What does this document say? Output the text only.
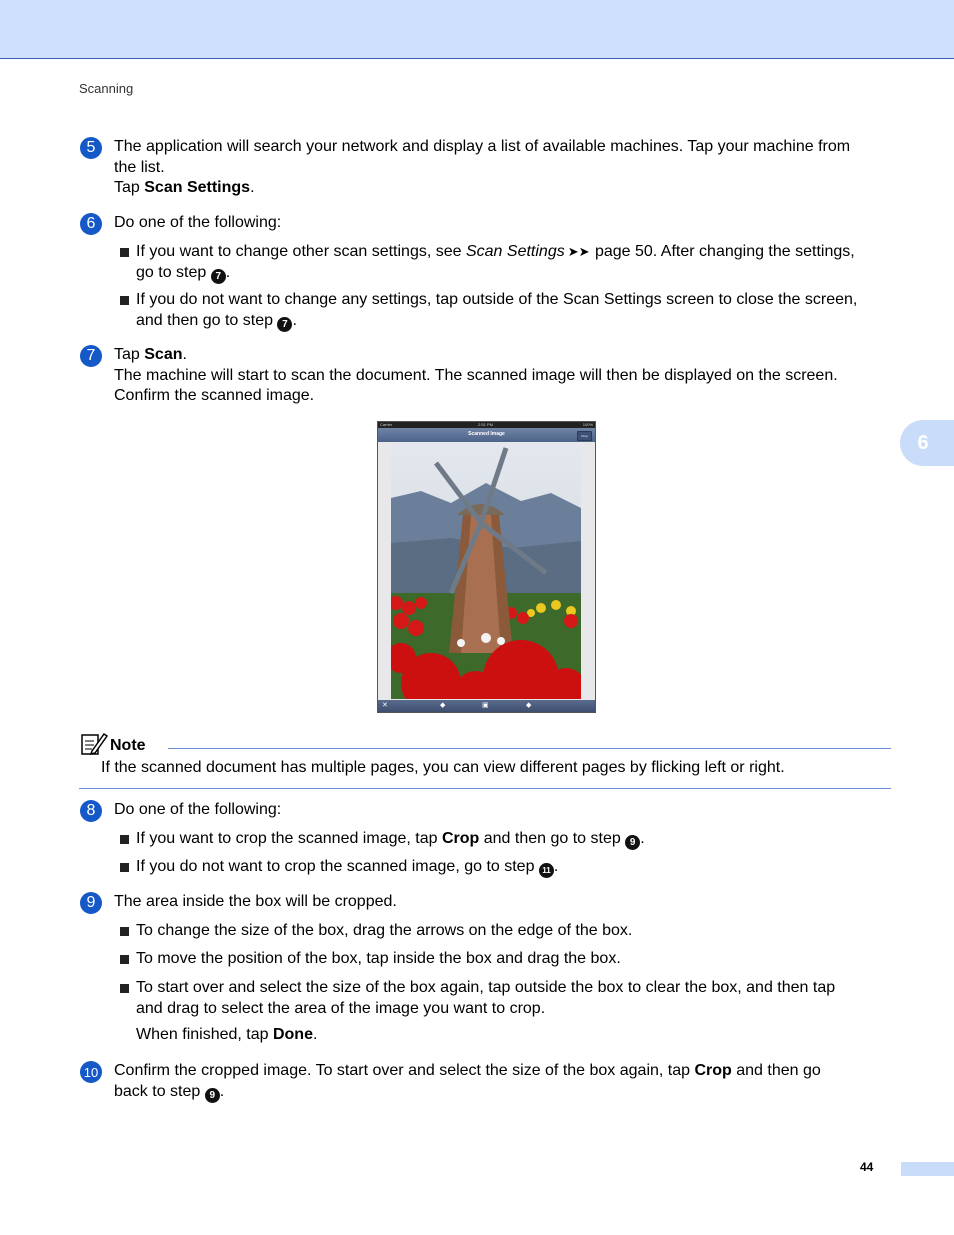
Scanning
6
5	The application will search your network and display a list of available machines. Tap your machine from
the list.
Tap Scan Settings.
6	Do one of the following:
If you want to change other scan settings, see Scan Settings ➤➤ page 50. After changing the settings,
go to step 7 .
If you do not want to change any settings, tap outside of the Scan Settings screen to close the screen,
and then go to step 7 .
7	Tap Scan.
The machine will start to scan the document. The scanned image will then be displayed on the screen.
Confirm the scanned image.
Carrier	2:51 PM	100%
Scanned Image	Crop
✕	◆	▣	◆
Note
If the scanned document has multiple pages, you can view different pages by flicking left or right.
8	Do one of the following:
If you want to crop the scanned image, tap Crop and then go to step 9 .
If you do not want to crop the scanned image, go to step 11 .
9	The area inside the box will be cropped.
To change the size of the box, drag the arrows on the edge of the box.
To move the position of the box, tap inside the box and drag the box.
To start over and select the size of the box again, tap outside the box to clear the box, and then tap
and drag to select the area of the image you want to crop.
When finished, tap Done.
10 Confirm the cropped image. To start over and select the size of the box again, tap Crop and then go
back to step 9 .
44
